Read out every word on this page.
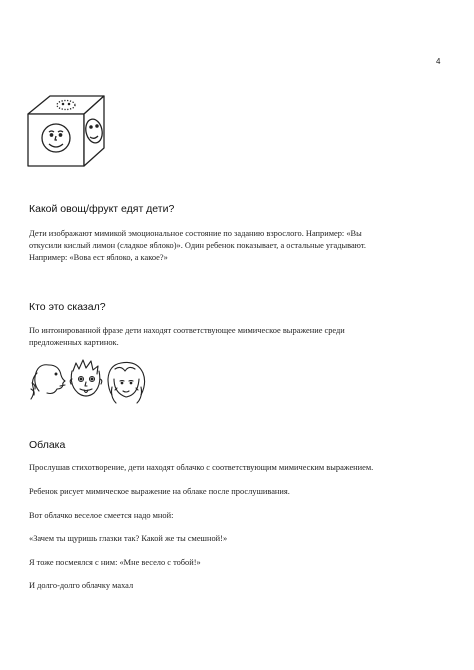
4
Какой овощ/фрукт едят дети?
Дети изображают мимикой эмоциональное состояние по заданию взрослого. Например: «Вы
откусили кислый лимон (сладкое яблоко)». Один ребенок показывает, а остальные угадывают.
Например: «Вова ест яблоко, а какое?»
Кто это сказал?
По интонированной фразе дети находят соответствующее мимическое выражение среди
предложенных картинок.
Облака
Прослушав стихотворение, дети находят облачко с соответствующим мимическим выражением.
Ребенок рисует мимическое выражение на облаке после прослушивания.
Вот облачко веселое смеется надо мной:
«Зачем ты щуришь глазки так? Какой же ты смешной!»
Я тоже посмеялся с ним: «Мне весело с тобой!»
И долго-долго облачку махал
